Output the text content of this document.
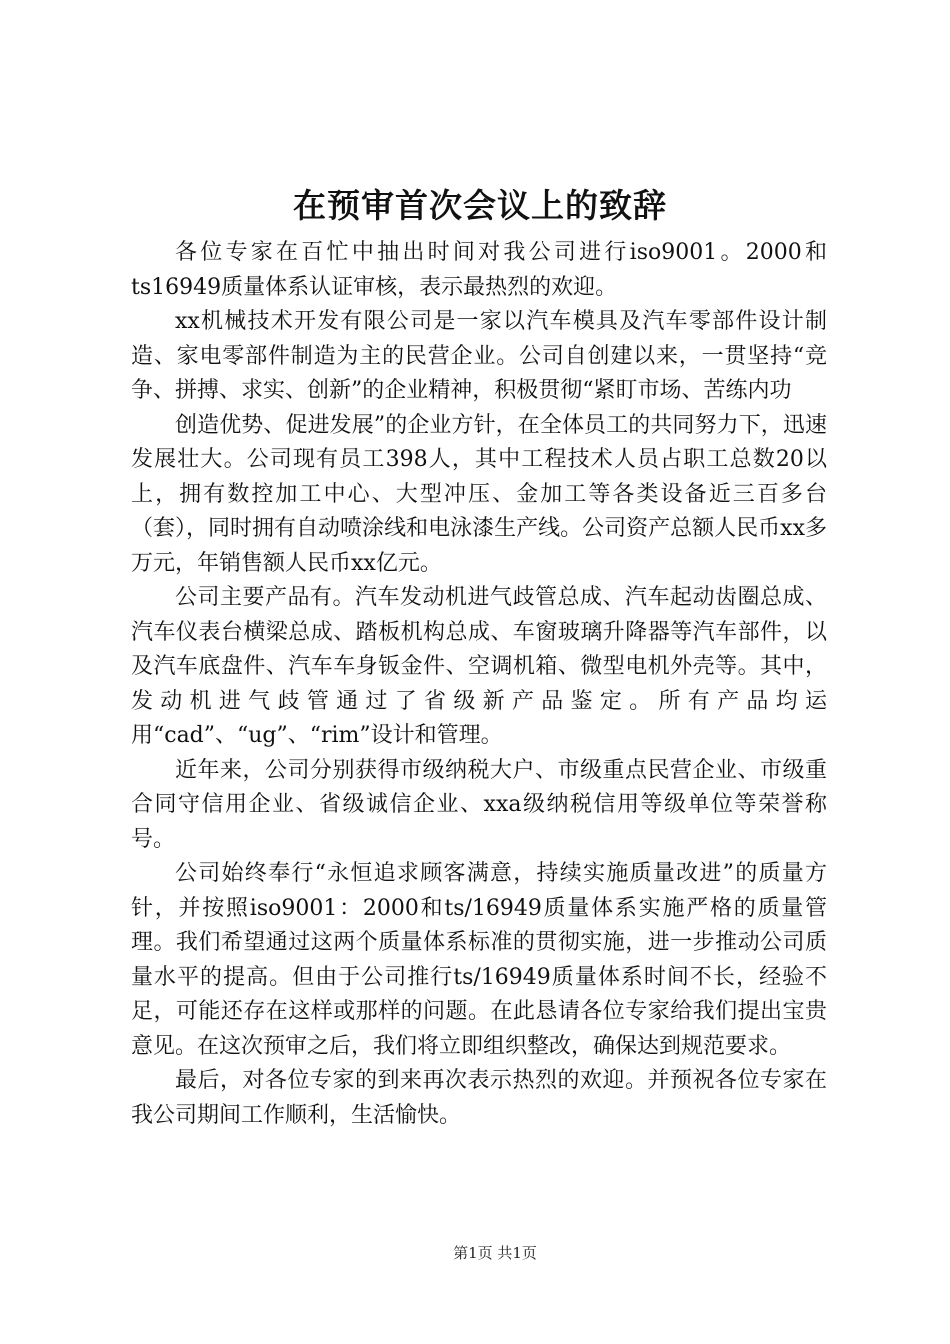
在预审首次会议上的致辞

各位专家在百忙中抽出时间对我公司进行iso9001。2000和ts16949质量体系认证审核，表示最热烈的欢迎。

xx机械技术开发有限公司是一家以汽车模具及汽车零部件设计制造、家电零部件制造为主的民营企业。公司自创建以来，一贯坚持“竞争、拼搏、求实、创新”的企业精神，积极贯彻“紧盯市场、苦练内功

创造优势、促进发展”的企业方针，在全体员工的共同努力下，迅速发展壮大。公司现有员工398人，其中工程技术人员占职工总数20以上，拥有数控加工中心、大型冲压、金加工等各类设备近三百多台（套），同时拥有自动喷涂线和电泳漆生产线。公司资产总额人民币xx多万元，年销售额人民币xx亿元。

公司主要产品有。汽车发动机进气歧管总成、汽车起动齿圈总成、汽车仪表台横梁总成、踏板机构总成、车窗玻璃升降器等汽车部件，以及汽车底盘件、汽车车身钣金件、空调机箱、微型电机外壳等。其中，发动机进气歧管通过了省级新产品鉴定。所有产品均运用“cad”、“ug”、“rim”设计和管理。

近年来，公司分别获得市级纳税大户、市级重点民营企业、市级重合同守信用企业、省级诚信企业、xxa级纳税信用等级单位等荣誉称号。

公司始终奉行“永恒追求顾客满意，持续实施质量改进”的质量方针，并按照iso9001：2000和ts/16949质量体系实施严格的质量管理。我们希望通过这两个质量体系标准的贯彻实施，进一步推动公司质量水平的提高。但由于公司推行ts/16949质量体系时间不长，经验不足，可能还存在这样或那样的问题。在此恳请各位专家给我们提出宝贵意见。在这次预审之后，我们将立即组织整改，确保达到规范要求。

最后，对各位专家的到来再次表示热烈的欢迎。并预祝各位专家在我公司期间工作顺利，生活愉快。

第1页 共1页
